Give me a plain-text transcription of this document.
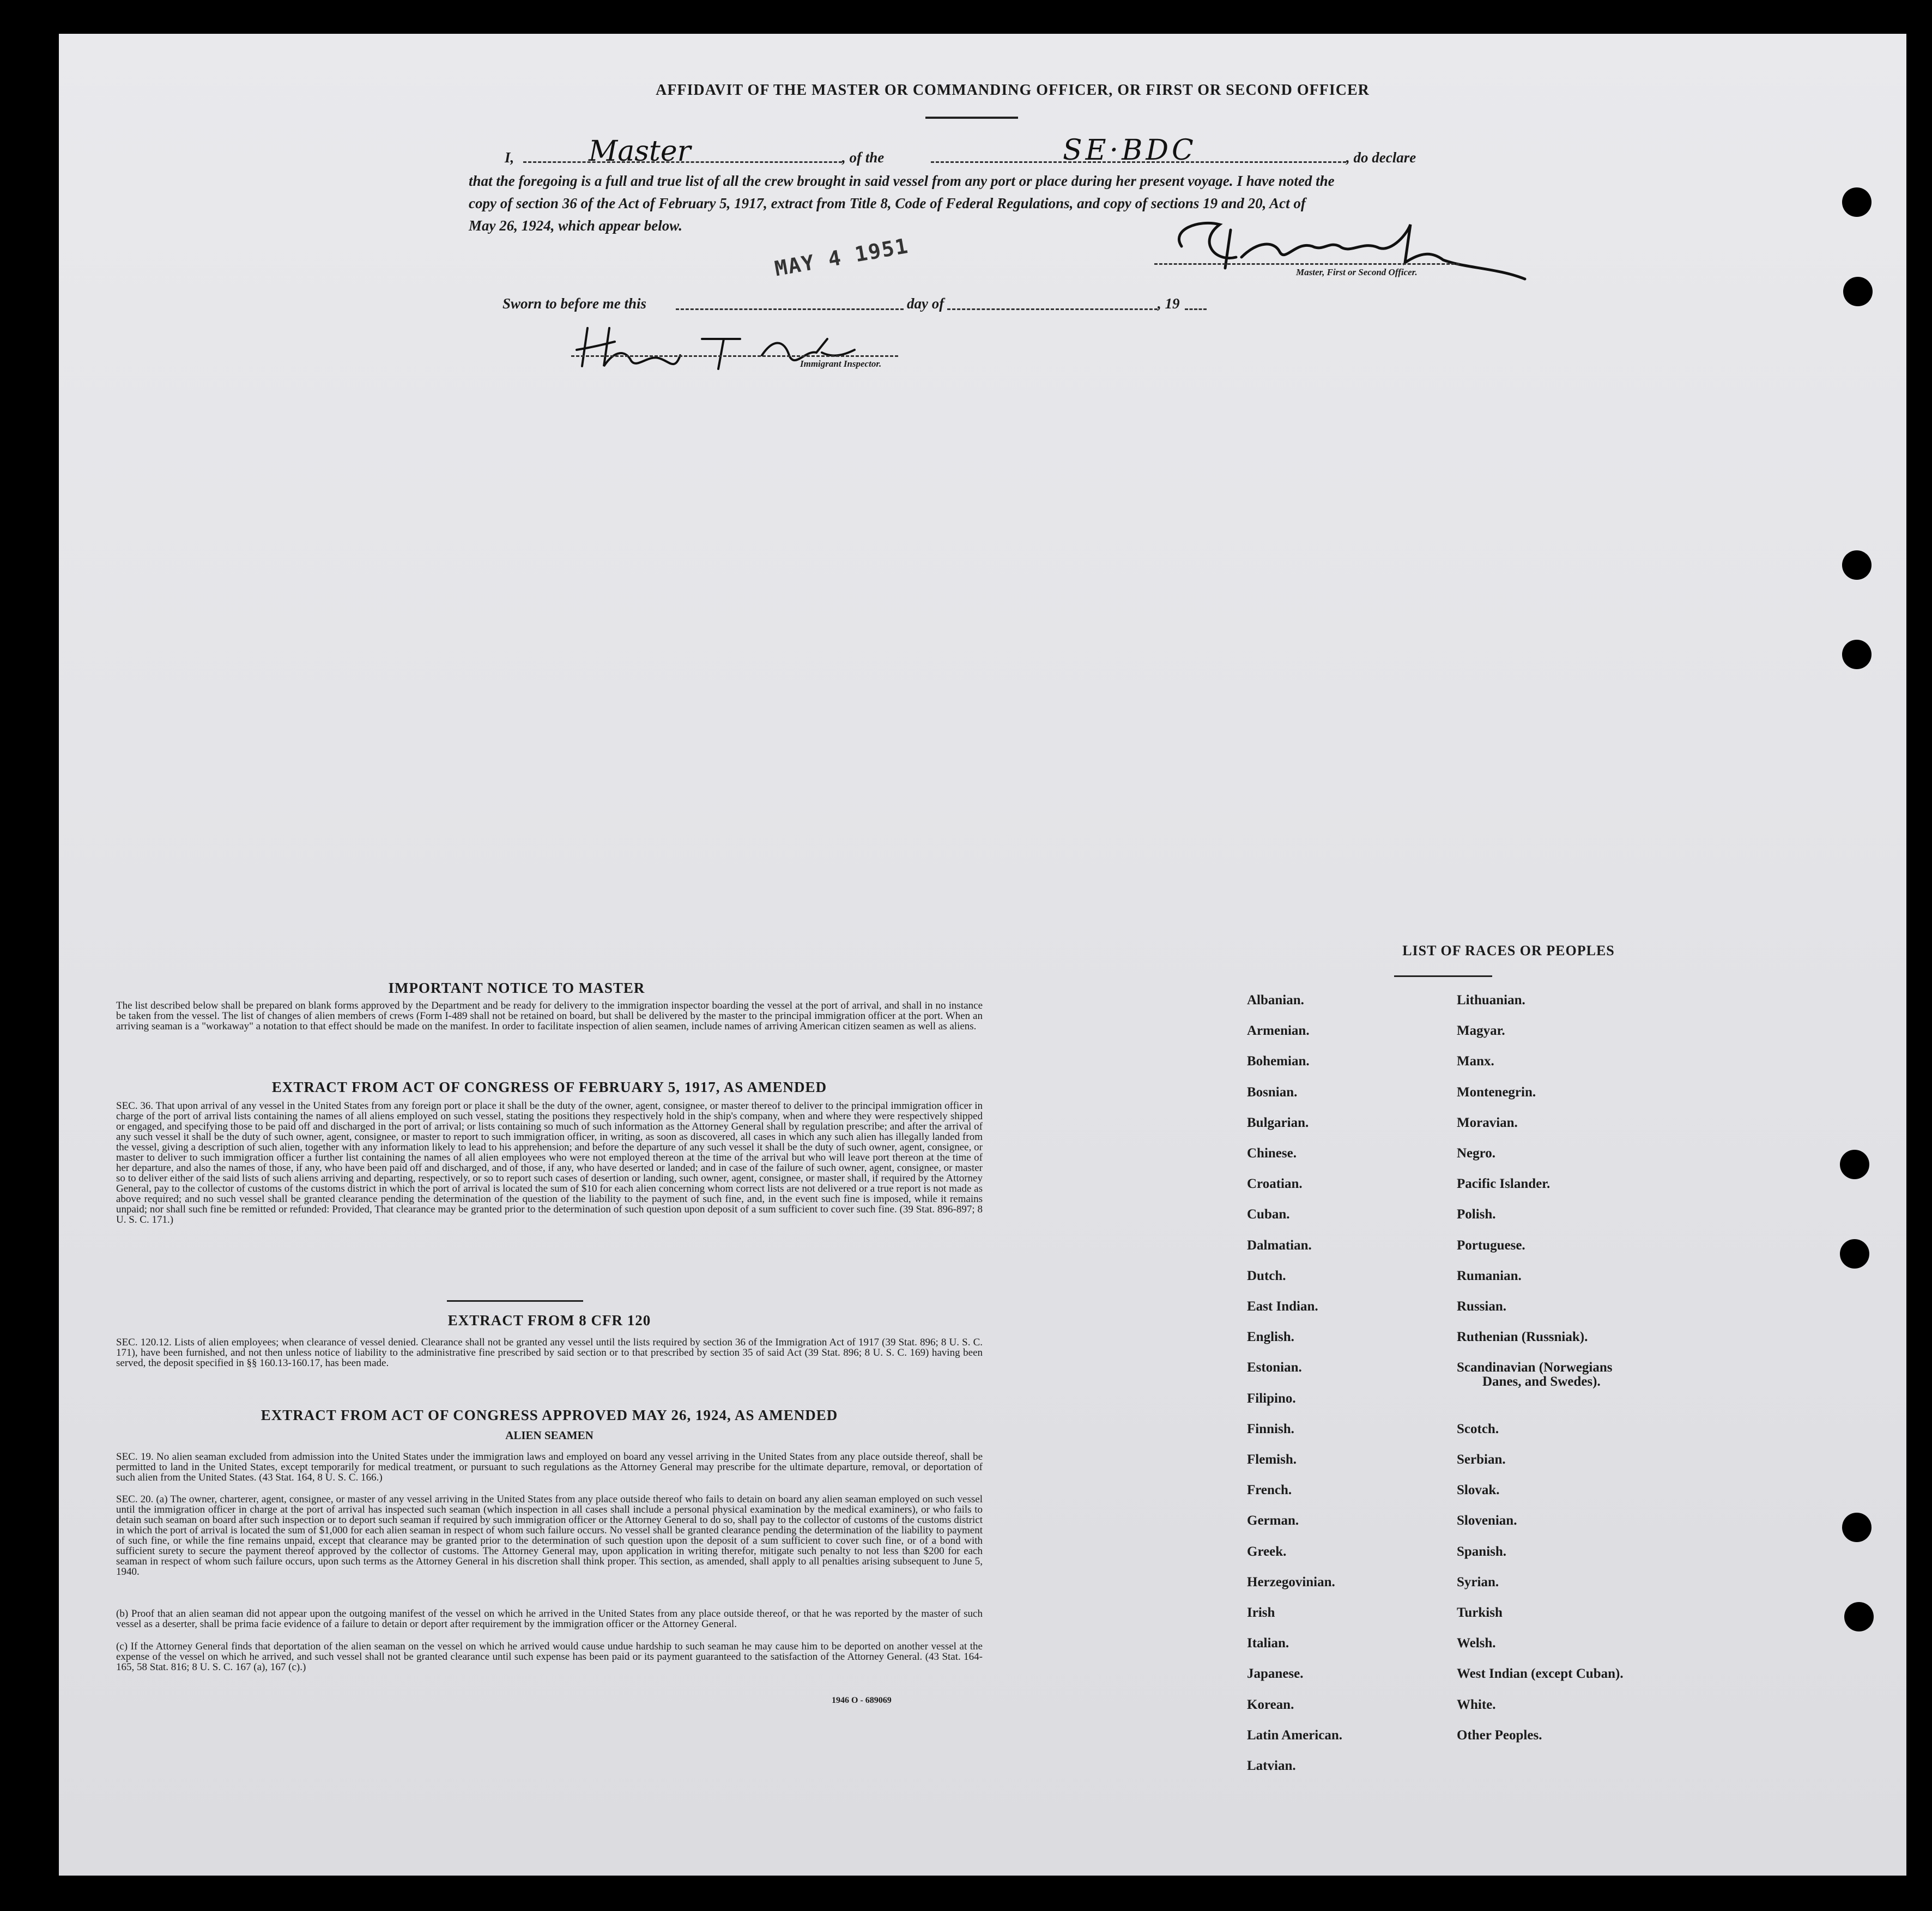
AFFIDAVIT OF THE MASTER OR COMMANDING OFFICER, OR FIRST OR SECOND OFFICER
I,	Master	, of the	SE·BDC	, do declare
that the foregoing is a full and true list of all the crew brought in said vessel from any port or place during her present voyage. I have noted the
copy of section 36 of the Act of February 5, 1917, extract from Title 8, Code of Federal Regulations, and copy of sections 19 and 20, Act of
May 26, 1924, which appear below.
Master, First or Second Officer.
Sworn to before me this
MAY 4 1951
day of	, 19
Immigrant Inspector.
IMPORTANT NOTICE TO MASTER
The list described below shall be prepared on blank forms approved by the Department and be ready for delivery to the immigration inspector boarding the vessel at the port of arrival, and shall in no instance be taken from the vessel. The list of changes of alien members of crews (Form I-489 shall not be retained on board, but shall be delivered by the master to the principal immigration officer at the port. When an arriving seaman is a "workaway" a notation to that effect should be made on the manifest. In order to facilitate inspection of alien seamen, include names of arriving American citizen seamen as well as aliens.
EXTRACT FROM ACT OF CONGRESS OF FEBRUARY 5, 1917, AS AMENDED
SEC. 36. That upon arrival of any vessel in the United States from any foreign port or place it shall be the duty of the owner, agent, consignee, or master thereof to deliver to the principal immigration officer in charge of the port of arrival lists containing the names of all aliens employed on such vessel, stating the positions they respectively hold in the ship's company, when and where they were respectively shipped or engaged, and specifying those to be paid off and discharged in the port of arrival; or lists containing so much of such information as the Attorney General shall by regulation prescribe; and after the arrival of any such vessel it shall be the duty of such owner, agent, consignee, or master to report to such immigration officer, in writing, as soon as discovered, all cases in which any such alien has illegally landed from the vessel, giving a description of such alien, together with any information likely to lead to his apprehension; and before the departure of any such vessel it shall be the duty of such owner, agent, consignee, or master to deliver to such immigration officer a further list containing the names of all alien employees who were not employed thereon at the time of the arrival but who will leave port thereon at the time of her departure, and also the names of those, if any, who have been paid off and discharged, and of those, if any, who have deserted or landed; and in case of the failure of such owner, agent, consignee, or master so to deliver either of the said lists of such aliens arriving and departing, respectively, or so to report such cases of desertion or landing, such owner, agent, consignee, or master shall, if required by the Attorney General, pay to the collector of customs of the customs district in which the port of arrival is located the sum of $10 for each alien concerning whom correct lists are not delivered or a true report is not made as above required; and no such vessel shall be granted clearance pending the determination of the question of the liability to the payment of such fine, and, in the event such fine is imposed, while it remains unpaid; nor shall such fine be remitted or refunded: Provided, That clearance may be granted prior to the determination of such question upon deposit of a sum sufficient to cover such fine. (39 Stat. 896-897; 8 U. S. C. 171.)
EXTRACT FROM 8 CFR 120
SEC. 120.12. Lists of alien employees; when clearance of vessel denied. Clearance shall not be granted any vessel until the lists required by section 36 of the Immigration Act of 1917 (39 Stat. 896; 8 U. S. C. 171), have been furnished, and not then unless notice of liability to the administrative fine prescribed by said section or to that prescribed by section 35 of said Act (39 Stat. 896; 8 U. S. C. 169) having been served, the deposit specified in §§ 160.13-160.17, has been made.
EXTRACT FROM ACT OF CONGRESS APPROVED MAY 26, 1924, AS AMENDED
ALIEN SEAMEN
SEC. 19. No alien seaman excluded from admission into the United States under the immigration laws and employed on board any vessel arriving in the United States from any place outside thereof, shall be permitted to land in the United States, except temporarily for medical treatment, or pursuant to such regulations as the Attorney General may prescribe for the ultimate departure, removal, or deportation of such alien from the United States. (43 Stat. 164, 8 U. S. C. 166.)
SEC. 20. (a) The owner, charterer, agent, consignee, or master of any vessel arriving in the United States from any place outside thereof who fails to detain on board any alien seaman employed on such vessel until the immigration officer in charge at the port of arrival has inspected such seaman (which inspection in all cases shall include a personal physical examination by the medical examiners), or who fails to detain such seaman on board after such inspection or to deport such seaman if required by such immigration officer or the Attorney General to do so, shall pay to the collector of customs of the customs district in which the port of arrival is located the sum of $1,000 for each alien seaman in respect of whom such failure occurs. No vessel shall be granted clearance pending the determination of the liability to payment of such fine, or while the fine remains unpaid, except that clearance may be granted prior to the determination of such question upon the deposit of a sum sufficient to cover such fine, or of a bond with sufficient surety to secure the payment thereof approved by the collector of customs. The Attorney General may, upon application in writing therefor, mitigate such penalty to not less than $200 for each seaman in respect of whom such failure occurs, upon such terms as the Attorney General in his discretion shall think proper. This section, as amended, shall apply to all penalties arising subsequent to June 5, 1940.
(b) Proof that an alien seaman did not appear upon the outgoing manifest of the vessel on which he arrived in the United States from any place outside thereof, or that he was reported by the master of such vessel as a deserter, shall be prima facie evidence of a failure to detain or deport after requirement by the immigration officer or the Attorney General.
(c) If the Attorney General finds that deportation of the alien seaman on the vessel on which he arrived would cause undue hardship to such seaman he may cause him to be deported on another vessel at the expense of the vessel on which he arrived, and such vessel shall not be granted clearance until such expense has been paid or its payment guaranteed to the satisfaction of the Attorney General. (43 Stat. 164-165, 58 Stat. 816; 8 U. S. C. 167 (a), 167 (c).)
1946 O - 689069
LIST OF RACES OR PEOPLES
Albanian.
Armenian.
Bohemian.
Bosnian.
Bulgarian.
Chinese.
Croatian.
Cuban.
Dalmatian.
Dutch.
East Indian.
English.
Estonian.
Filipino.
Finnish.
Flemish.
French.
German.
Greek.
Herzegovinian.
Irish
Italian.
Japanese.
Korean.
Latin American.
Latvian.
Lithuanian.
Magyar.
Manx.
Montenegrin.
Moravian.
Negro.
Pacific Islander.
Polish.
Portuguese.
Rumanian.
Russian.
Ruthenian (Russniak).
Scandinavian (Norwegians
Danes, and Swedes).
Scotch.
Serbian.
Slovak.
Slovenian.
Spanish.
Syrian.
Turkish
Welsh.
West Indian (except Cuban).
White.
Other Peoples.
